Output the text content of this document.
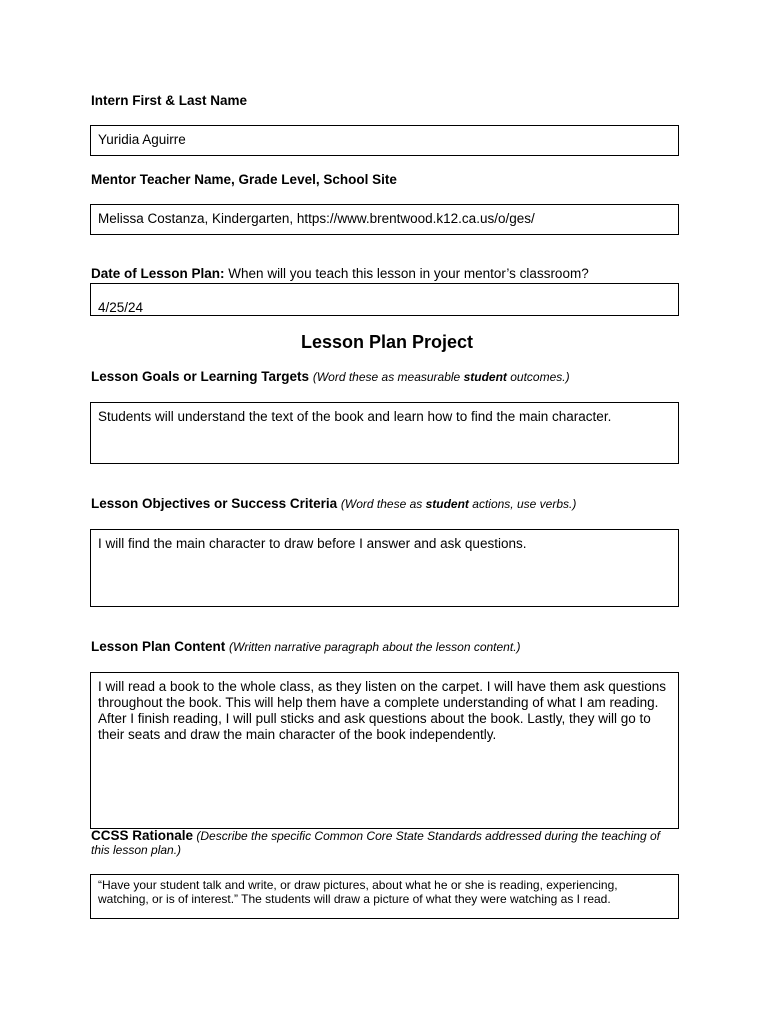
Intern First & Last Name
Yuridia Aguirre
Mentor Teacher Name, Grade Level, School Site
Melissa Costanza, Kindergarten, https://www.brentwood.k12.ca.us/o/ges/
Date of Lesson Plan: When will you teach this lesson in your mentor’s classroom?
4/25/24
Lesson Plan Project
Lesson Goals or Learning Targets (Word these as measurable student outcomes.)
Students will understand the text of the book and learn how to find the main character.
Lesson Objectives or Success Criteria (Word these as student actions, use verbs.)
I will find the main character to draw before I answer and ask questions.
Lesson Plan Content (Written narrative paragraph about the lesson content.)
I will read a book to the whole class, as they listen on the carpet. I will have them ask questions throughout the book. This will help them have a complete understanding of what I am reading. After I finish reading, I will pull sticks and ask questions about the book. Lastly, they will go to their seats and draw the main character of the book independently.
CCSS Rationale (Describe the specific Common Core State Standards addressed during the teaching of this lesson plan.)
“Have your student talk and write, or draw pictures, about what he or she is reading, experiencing, watching, or is of interest.” The students will draw a picture of what they were watching as I read.
